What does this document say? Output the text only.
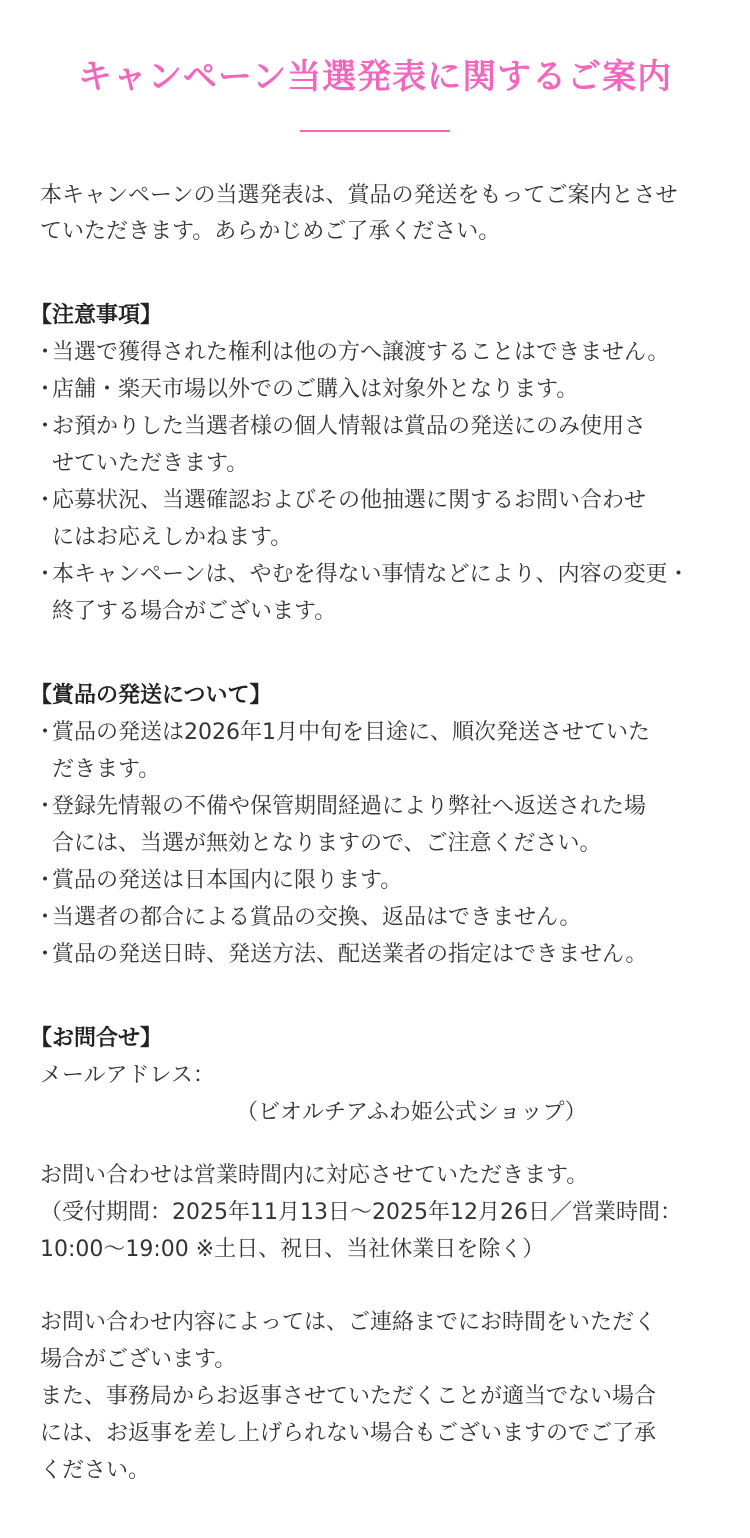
キャンペーン当選発表に関するご案内

本キャンペーンの当選発表は、賞品の発送をもってご案内とさせ
ていただきます。あらかじめご了承ください。

【注意事項】
・
当選で獲得された権利は他の方へ譲渡することはできません。
・
店舗・楽天市場以外でのご購入は対象外となります。
・
お預かりした当選者様の個人情報は賞品の発送にのみ使用さ
せていただきます。
・
応募状況、当選確認およびその他抽選に関するお問い合わせ
にはお応えしかねます。
・
本キャンペーンは、やむを得ない事情などにより、内容の変更・
終了する場合がございます。
【賞品の発送について】
・
賞品の発送は2026年1月中旬を目途に、順次発送させていた
だきます。
・
登録先情報の不備や保管期間経過により弊社へ返送された場
合には、当選が無効となりますので、ご注意ください。
・
賞品の発送は日本国内に限ります。
・
当選者の都合による賞品の交換、返品はできません。
・
賞品の発送日時、発送方法、配送業者の指定はできません。
【お問合せ】

メールアドレス：
（ビオルチアふわ姫公式ショップ）

お問い合わせは営業時間内に対応させていただきます。
（受付期間：2025年11月13日～2025年12月26日／営業時間：
10:00～19:00 ※土日、祝日、当社休業日を除く）

お問い合わせ内容によっては、ご連絡までにお時間をいただく
場合がございます。
また、事務局からお返事させていただくことが適当でない場合
には、お返事を差し上げられない場合もございますのでご了承
ください。
